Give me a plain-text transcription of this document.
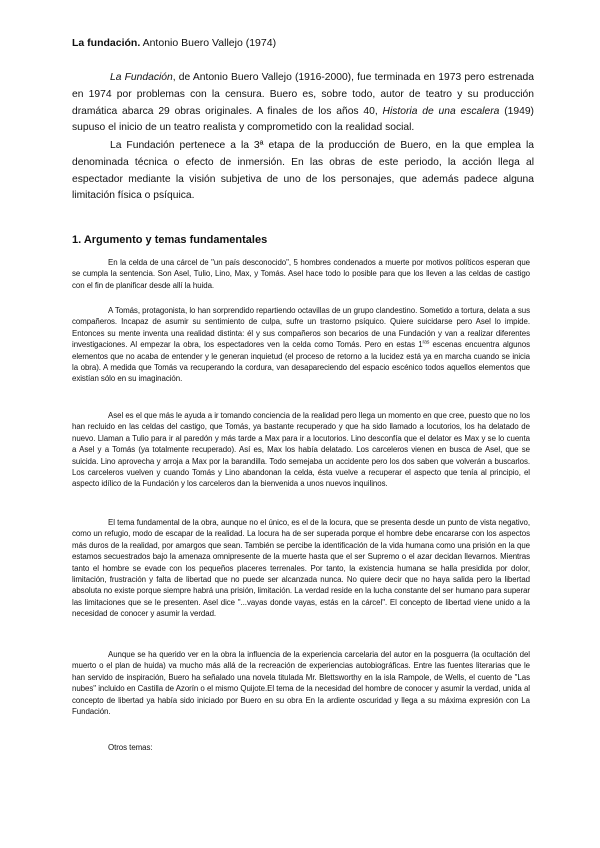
La fundación. Antonio Buero Vallejo (1974)

La Fundación, de Antonio Buero Vallejo (1916-2000), fue terminada en 1973 pero estrenada en 1974 por problemas con la censura. Buero es, sobre todo, autor de teatro y su producción dramática abarca 29 obras originales. A finales de los años 40, Historia de una escalera (1949) supuso el inicio de un teatro realista y comprometido con la realidad social.

La Fundación pertenece a la 3ª etapa de la producción de Buero, en la que emplea la denominada técnica o efecto de inmersión. En las obras de este periodo, la acción llega al espectador mediante la visión subjetiva de uno de los personajes, que además padece alguna limitación física o psíquica.

1. Argumento y temas fundamentales

En la celda de una cárcel de "un país desconocido", 5 hombres condenados a muerte por motivos políticos esperan que se cumpla la sentencia. Son Asel, Tulio, Lino, Max, y Tomás. Asel hace todo lo posible para que los lleven a las celdas de castigo con el fin de planificar desde allí la huida.

A Tomás, protagonista, lo han sorprendido repartiendo octavillas de un grupo clandestino. Sometido a tortura, delata a sus compañeros. Incapaz de asumir su sentimiento de culpa, sufre un trastorno psíquico. Quiere suicidarse pero Asel lo impide. Entonces su mente inventa una realidad distinta: él y sus compañeros son becarios de una Fundación y van a realizar diferentes investigaciones. Al empezar la obra, los espectadores ven la celda como Tomás. Pero en estas $1^{ras}$ escenas encuentra algunos elementos que no acaba de entender y le generan inquietud (el proceso de retorno a la lucidez está ya en marcha cuando se inicia la obra). A medida que Tomás va recuperando la cordura, van desapareciendo del espacio escénico todos aquellos elementos que existían sólo en su imaginación.

Asel es el que más le ayuda a ir tomando conciencia de la realidad pero llega un momento en que cree, puesto que no los han recluido en las celdas del castigo, que Tomás, ya bastante recuperado y que ha sido llamado a locutorios, los ha delatado de nuevo. Llaman a Tulio para ir al paredón y más tarde a Max para ir a locutorios. Lino desconfía que el delator es Max y se lo cuenta a Asel y a Tomás (ya totalmente recuperado). Así es, Max los había delatado. Los carceleros vienen en busca de Asel, que se suicida. Lino aprovecha y arroja a Max por la barandilla. Todo semejaba un accidente pero los dos saben que volverán a buscarlos. Los carceleros vuelven y cuando Tomás y Lino abandonan la celda, ésta vuelve a recuperar el aspecto que tenía al principio, el aspecto idílico de la Fundación y los carceleros dan la bienvenida a unos nuevos inquilinos.

El tema fundamental de la obra, aunque no el único, es el de la locura, que se presenta desde un punto de vista negativo, como un refugio, modo de escapar de la realidad. La locura ha de ser superada porque el hombre debe encararse con los aspectos más duros de la realidad, por amargos que sean. También se percibe la identificación de la vida humana como una prisión en la que estamos secuestrados bajo la amenaza omnipresente de la muerte hasta que el ser Supremo o el azar decidan llevarnos. Mientras tanto el hombre se evade con los pequeños placeres terrenales. Por tanto, la existencia humana se halla presidida por dolor, limitación, frustración y falta de libertad que no puede ser alcanzada nunca. No quiere decir que no haya salida pero la libertad absoluta no existe porque siempre habrá una prisión, limitación. La verdad reside en la lucha constante del ser humano para superar las limitaciones que se le presenten. Asel dice "...vayas donde vayas, estás en la cárcel". El concepto de libertad viene unido a la necesidad de conocer y asumir la verdad.

Aunque se ha querido ver en la obra la influencia de la experiencia carcelaria del autor en la posguerra (la ocultación del muerto o el plan de huida) va mucho más allá de la recreación de experiencias autobiográficas. Entre las fuentes literarias que le han servido de inspiración, Buero ha señalado una novela titulada Mr. Blettsworthy en la isla Rampole, de Wells, el cuento de "Las nubes" incluido en Castilla de Azorín o el mismo Quijote.El tema de la necesidad del hombre de conocer y asumir la verdad, unida al concepto de libertad ya había sido iniciado por Buero en su obra En la ardiente oscuridad y llega a su máxima expresión con La Fundación.

Otros temas:
